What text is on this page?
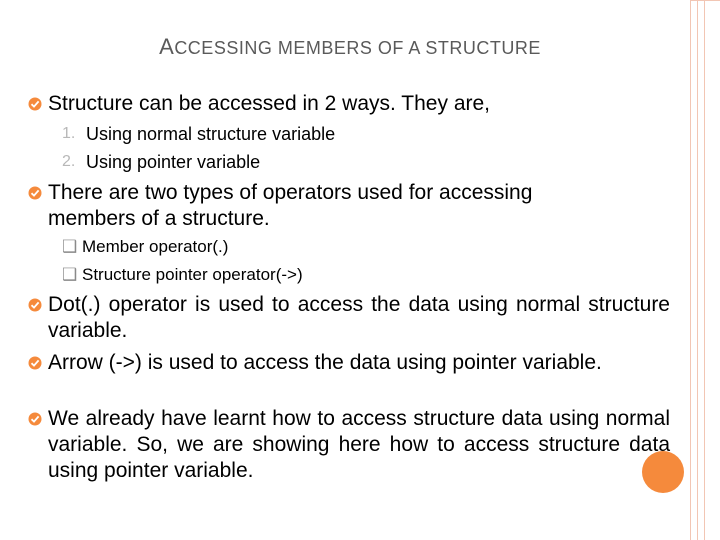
ACCESSING MEMBERS OF A STRUCTURE
Structure can be accessed in 2 ways. They are,
1. Using normal structure variable
2. Using pointer variable
There are two types of operators used for accessing members of a structure.
❑ Member operator(.)
❑ Structure pointer operator(->)
Dot(.) operator is used to access the data using normal structure variable.
Arrow (->) is used to access the data using pointer variable.
We already have learnt how to access structure data using normal variable. So, we are showing here how to access structure data using pointer variable.
